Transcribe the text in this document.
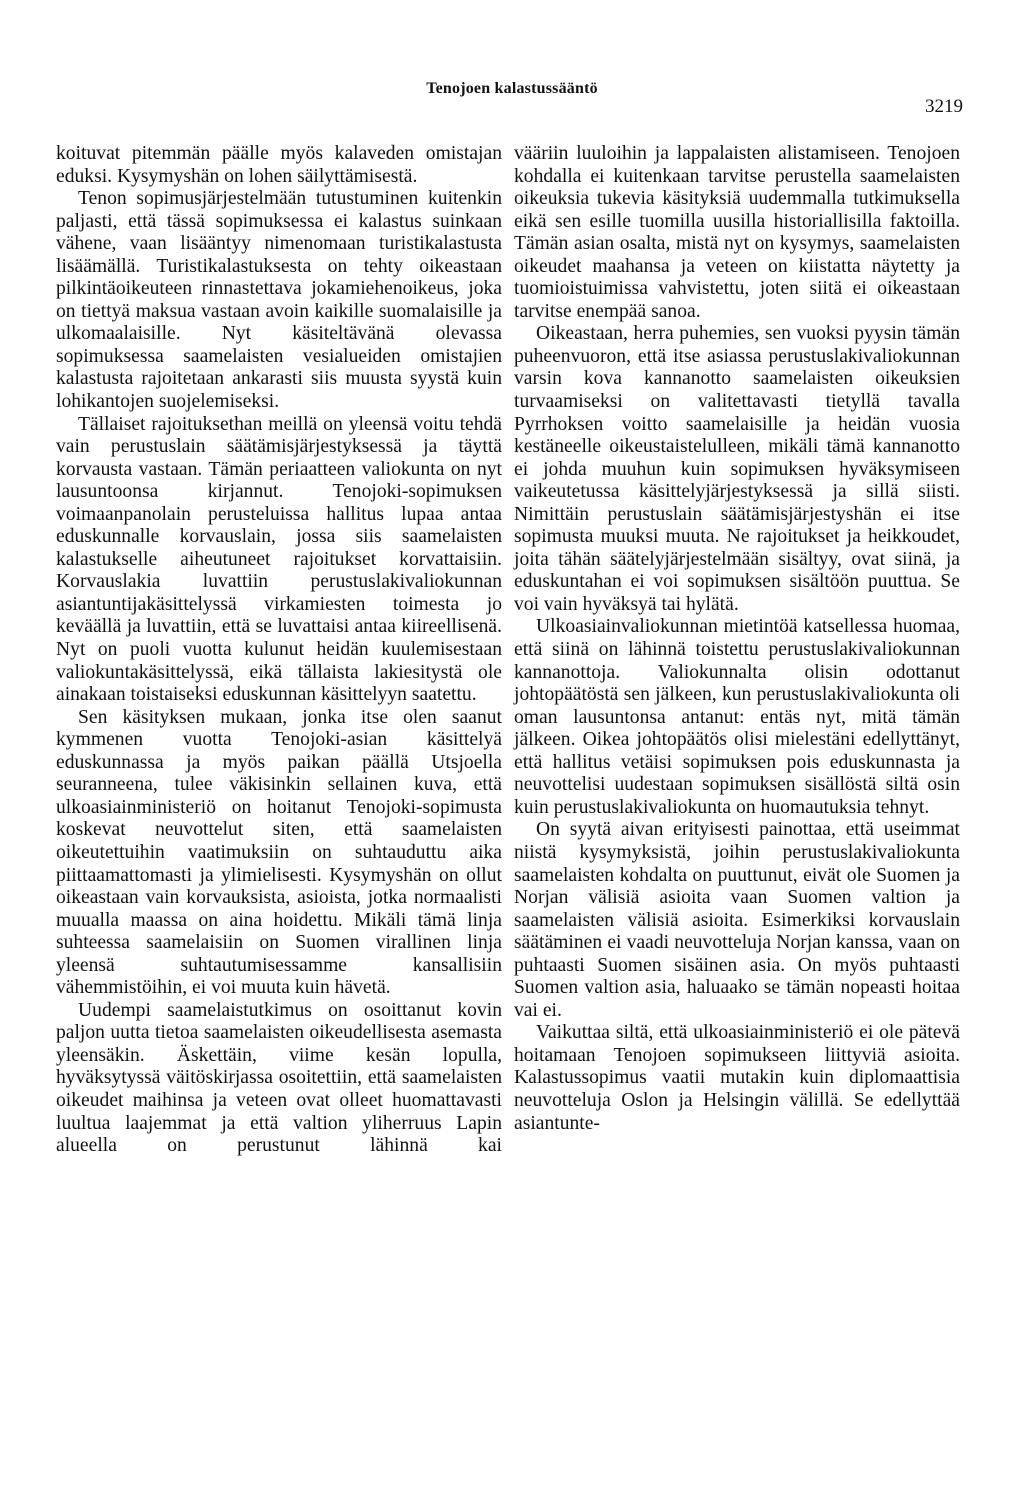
Tenojoen kalastussääntö
3219

koituvat pitemmän päälle myös kalaveden omistajan eduksi. Kysymyshän on lohen säilyttämisestä.

Tenon sopimusjärjestelmään tutustuminen kuitenkin paljasti, että tässä sopimuksessa ei kalastus suinkaan vähene, vaan lisääntyy nimenomaan turistikalastusta lisäämällä. Turistikalastuksesta on tehty oikeastaan pilkintäoikeuteen rinnastettava jokamiehenoikeus, joka on tiettyä maksua vastaan avoin kaikille suomalaisille ja ulkomaalaisille. Nyt käsiteltävänä olevassa sopimuksessa saamelaisten vesialueiden omistajien kalastusta rajoitetaan ankarasti siis muusta syystä kuin lohikantojen suojelemiseksi.

Tällaiset rajoituksethan meillä on yleensä voitu tehdä vain perustuslain säätämisjärjestyksessä ja täyttä korvausta vastaan. Tämän periaatteen valiokunta on nyt lausuntoonsa kirjannut. Tenojoki-sopimuksen voimaanpanolain perusteluissa hallitus lupaa antaa eduskunnalle korvauslain, jossa siis saamelaisten kalastukselle aiheutuneet rajoitukset korvattaisiin. Korvauslakia luvattiin perustuslakivaliokunnan asiantuntijakäsittelyssä virkamiesten toimesta jo keväällä ja luvattiin, että se luvattaisi antaa kiireellisenä. Nyt on puoli vuotta kulunut heidän kuulemisestaan valiokuntakäsittelyssä, eikä tällaista lakiesitystä ole ainakaan toistaiseksi eduskunnan käsittelyyn saatettu.

Sen käsityksen mukaan, jonka itse olen saanut kymmenen vuotta Tenojoki-asian käsittelyä eduskunnassa ja myös paikan päällä Utsjoella seuranneena, tulee väkisinkin sellainen kuva, että ulkoasiainministeriö on hoitanut Tenojoki-sopimusta koskevat neuvottelut siten, että saamelaisten oikeutettuihin vaatimuksiin on suhtauduttu aika piittaamattomasti ja ylimielisesti. Kysymyshän on ollut oikeastaan vain korvauksista, asioista, jotka normaalisti muualla maassa on aina hoidettu. Mikäli tämä linja suhteessa saamelaisiin on Suomen virallinen linja yleensä suhtautumisessamme kansallisiin vähemmistöihin, ei voi muuta kuin hävetä.

Uudempi saamelaistutkimus on osoittanut kovin paljon uutta tietoa saamelaisten oikeudellisesta asemasta yleensäkin. Äskettäin, viime kesän lopulla, hyväksytyssä väitöskirjassa osoitettiin, että saamelaisten oikeudet maihinsa ja veteen ovat olleet huomattavasti luultua laajemmat ja että valtion yliherruus Lapin alueella on perustunut lähinnä kai

vääriin luuloihin ja lappalaisten alistamiseen. Tenojoen kohdalla ei kuitenkaan tarvitse perustella saamelaisten oikeuksia tukevia käsityksiä uudemmalla tutkimuksella eikä sen esille tuomilla uusilla historiallisilla faktoilla. Tämän asian osalta, mistä nyt on kysymys, saamelaisten oikeudet maahansa ja veteen on kiistatta näytetty ja tuomioistuimissa vahvistettu, joten siitä ei oikeastaan tarvitse enempää sanoa.

Oikeastaan, herra puhemies, sen vuoksi pyysin tämän puheenvuoron, että itse asiassa perustuslakivaliokunnan varsin kova kannanotto saamelaisten oikeuksien turvaamiseksi on valitettavasti tietyllä tavalla Pyrrhoksen voitto saamelaisille ja heidän vuosia kestäneelle oikeustaistelulleen, mikäli tämä kannanotto ei johda muuhun kuin sopimuksen hyväksymiseen vaikeutetussa käsittelyjärjestyksessä ja sillä siisti. Nimittäin perustuslain säätämisjärjestyshän ei itse sopimusta muuksi muuta. Ne rajoitukset ja heikkoudet, joita tähän säätelyjärjestelmään sisältyy, ovat siinä, ja eduskuntahan ei voi sopimuksen sisältöön puuttua. Se voi vain hyväksyä tai hylätä.

Ulkoasiainvaliokunnan mietintöä katsellessa huomaa, että siinä on lähinnä toistettu perustuslakivaliokunnan kannanottoja. Valiokunnalta olisin odottanut johtopäätöstä sen jälkeen, kun perustuslakivaliokunta oli oman lausuntonsa antanut: entäs nyt, mitä tämän jälkeen. Oikea johtopäätös olisi mielestäni edellyttänyt, että hallitus vetäisi sopimuksen pois eduskunnasta ja neuvottelisi uudestaan sopimuksen sisällöstä siltä osin kuin perustuslakivaliokunta on huomautuksia tehnyt.

On syytä aivan erityisesti painottaa, että useimmat niistä kysymyksistä, joihin perustuslakivaliokunta saamelaisten kohdalta on puuttunut, eivät ole Suomen ja Norjan välisiä asioita vaan Suomen valtion ja saamelaisten välisiä asioita. Esimerkiksi korvauslain säätäminen ei vaadi neuvotteluja Norjan kanssa, vaan on puhtaasti Suomen sisäinen asia. On myös puhtaasti Suomen valtion asia, haluaako se tämän nopeasti hoitaa vai ei.

Vaikuttaa siltä, että ulkoasiainministeriö ei ole pätevä hoitamaan Tenojoen sopimukseen liittyviä asioita. Kalastussopimus vaatii mutakin kuin diplomaattisia neuvotteluja Oslon ja Helsingin välillä. Se edellyttää asiantunte-
